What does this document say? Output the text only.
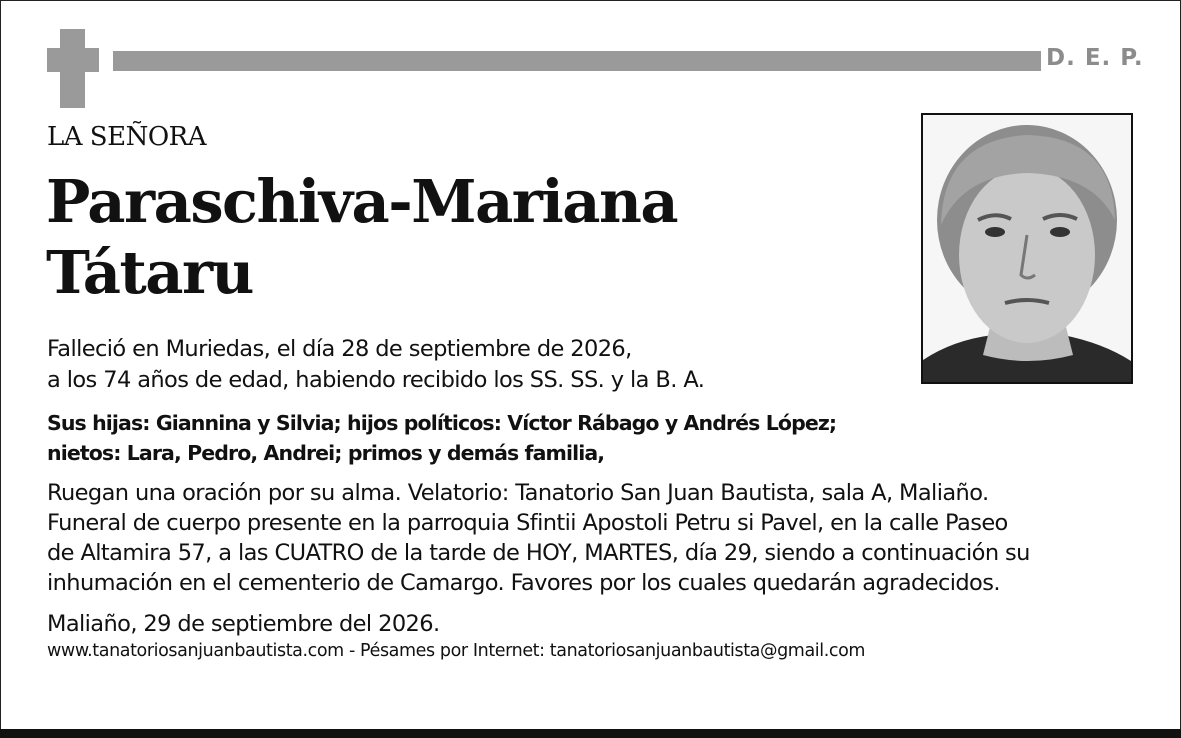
D. E. P.
LA SEÑORA
Paraschiva-Mariana
Tátaru
Falleció en Muriedas, el día 28 de septiembre de 2026,
a los 74 años de edad, habiendo recibido los SS. SS. y la B. A.
Sus hijas: Giannina y Silvia; hijos políticos: Víctor Rábago y Andrés López;
nietos: Lara, Pedro, Andrei; primos y demás familia,
Ruegan una oración por su alma. Velatorio: Tanatorio San Juan Bautista, sala A, Maliaño.
Funeral de cuerpo presente en la parroquia Sfintii Apostoli Petru si Pavel, en la calle Paseo
de Altamira 57, a las CUATRO de la tarde de HOY, MARTES, día 29, siendo a continuación su
inhumación en el cementerio de Camargo. Favores por los cuales quedarán agradecidos.
Maliaño, 29 de septiembre del 2026.
www.tanatoriosanjuanbautista.com - Pésames por Internet: tanatoriosanjuanbautista@gmail.com
